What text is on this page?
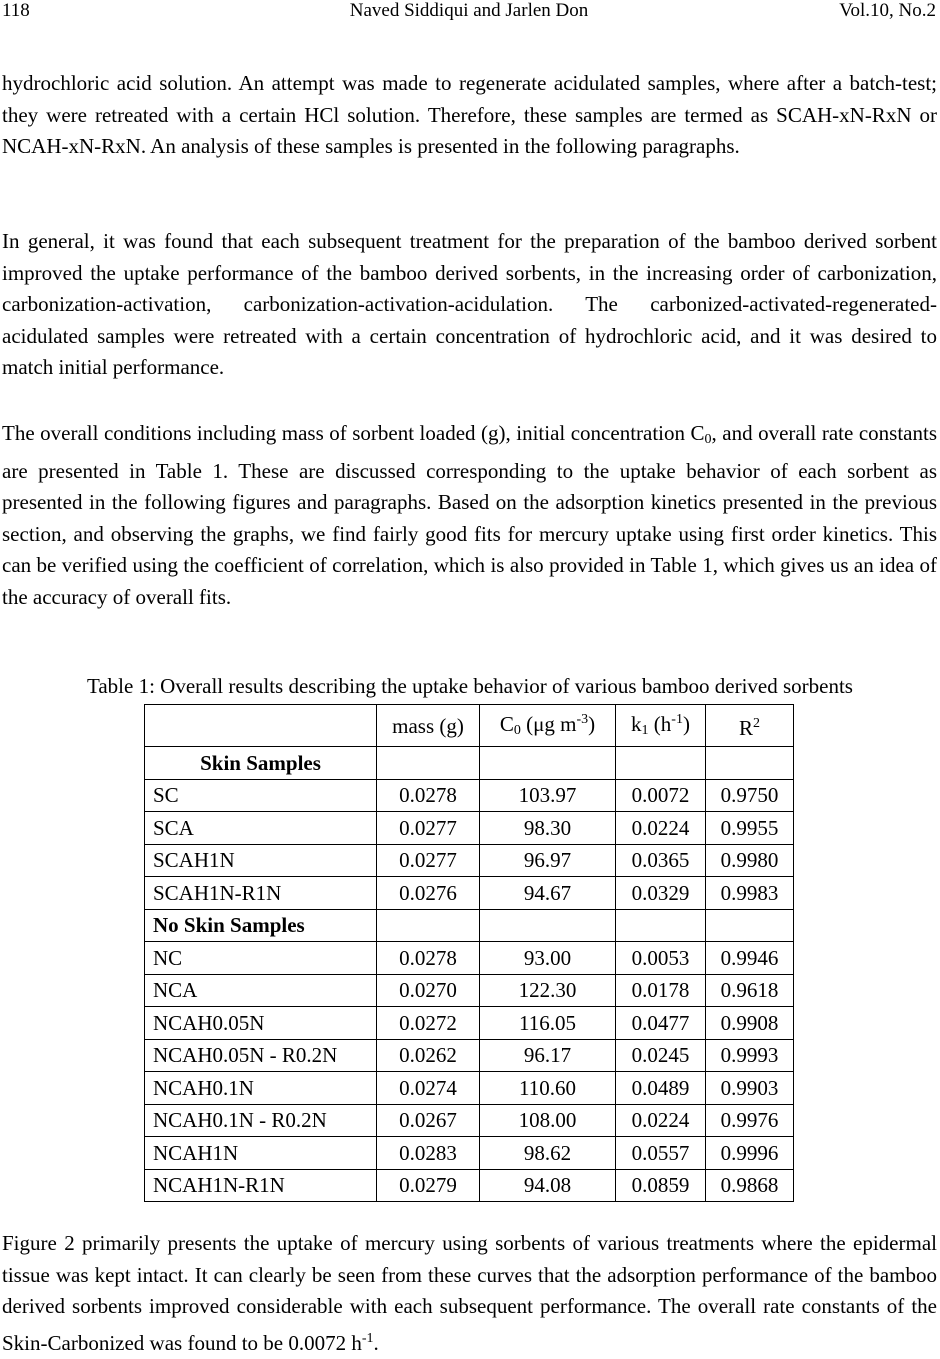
118	Naved Siddiqui and Jarlen Don	Vol.10, No.2

hydrochloric acid solution. An attempt was made to regenerate acidulated samples, where after a batch-test; they were retreated with a certain HCl solution. Therefore, these samples are termed as SCAH-xN-RxN or NCAH-xN-RxN. An analysis of these samples is presented in the following paragraphs.

In general, it was found that each subsequent treatment for the preparation of the bamboo derived sorbent improved the uptake performance of the bamboo derived sorbents, in the increasing order of carbonization, carbonization-activation, carbonization-activation-acidulation. The carbonized-activated-regenerated-acidulated samples were retreated with a certain concentration of hydrochloric acid, and it was desired to match initial performance.

The overall conditions including mass of sorbent loaded (g), initial concentration $C_0$, and overall rate constants are presented in Table 1. These are discussed corresponding to the uptake behavior of each sorbent as presented in the following figures and paragraphs. Based on the adsorption kinetics presented in the previous section, and observing the graphs, we find fairly good fits for mercury uptake using first order kinetics. This can be verified using the coefficient of correlation, which is also provided in Table 1, which gives us an idea of the accuracy of overall fits.

Table 1: Overall results describing the uptake behavior of various bamboo derived sorbents
	mass (g)	$C_0$ (μg $m^{-3}$)	$k_1$ $(h^{-1})$	$R^2$
Skin Samples				
SC	0.0278	103.97	0.0072	0.9750
SCA	0.0277	98.30	0.0224	0.9955
SCAH1N	0.0277	96.97	0.0365	0.9980
SCAH1N-R1N	0.0276	94.67	0.0329	0.9983
No Skin Samples				
NC	0.0278	93.00	0.0053	0.9946
NCA	0.0270	122.30	0.0178	0.9618
NCAH0.05N	0.0272	116.05	0.0477	0.9908
NCAH0.05N - R0.2N	0.0262	96.17	0.0245	0.9993
NCAH0.1N	0.0274	110.60	0.0489	0.9903
NCAH0.1N - R0.2N	0.0267	108.00	0.0224	0.9976
NCAH1N	0.0283	98.62	0.0557	0.9996
NCAH1N-R1N	0.0279	94.08	0.0859	0.9868

Figure 2 primarily presents the uptake of mercury using sorbents of various treatments where the epidermal tissue was kept intact. It can clearly be seen from these curves that the adsorption performance of the bamboo derived sorbents improved considerable with each subsequent performance. The overall rate constants of the Skin-Carbonized was found to be 0.0072 $h^{-1}$.
